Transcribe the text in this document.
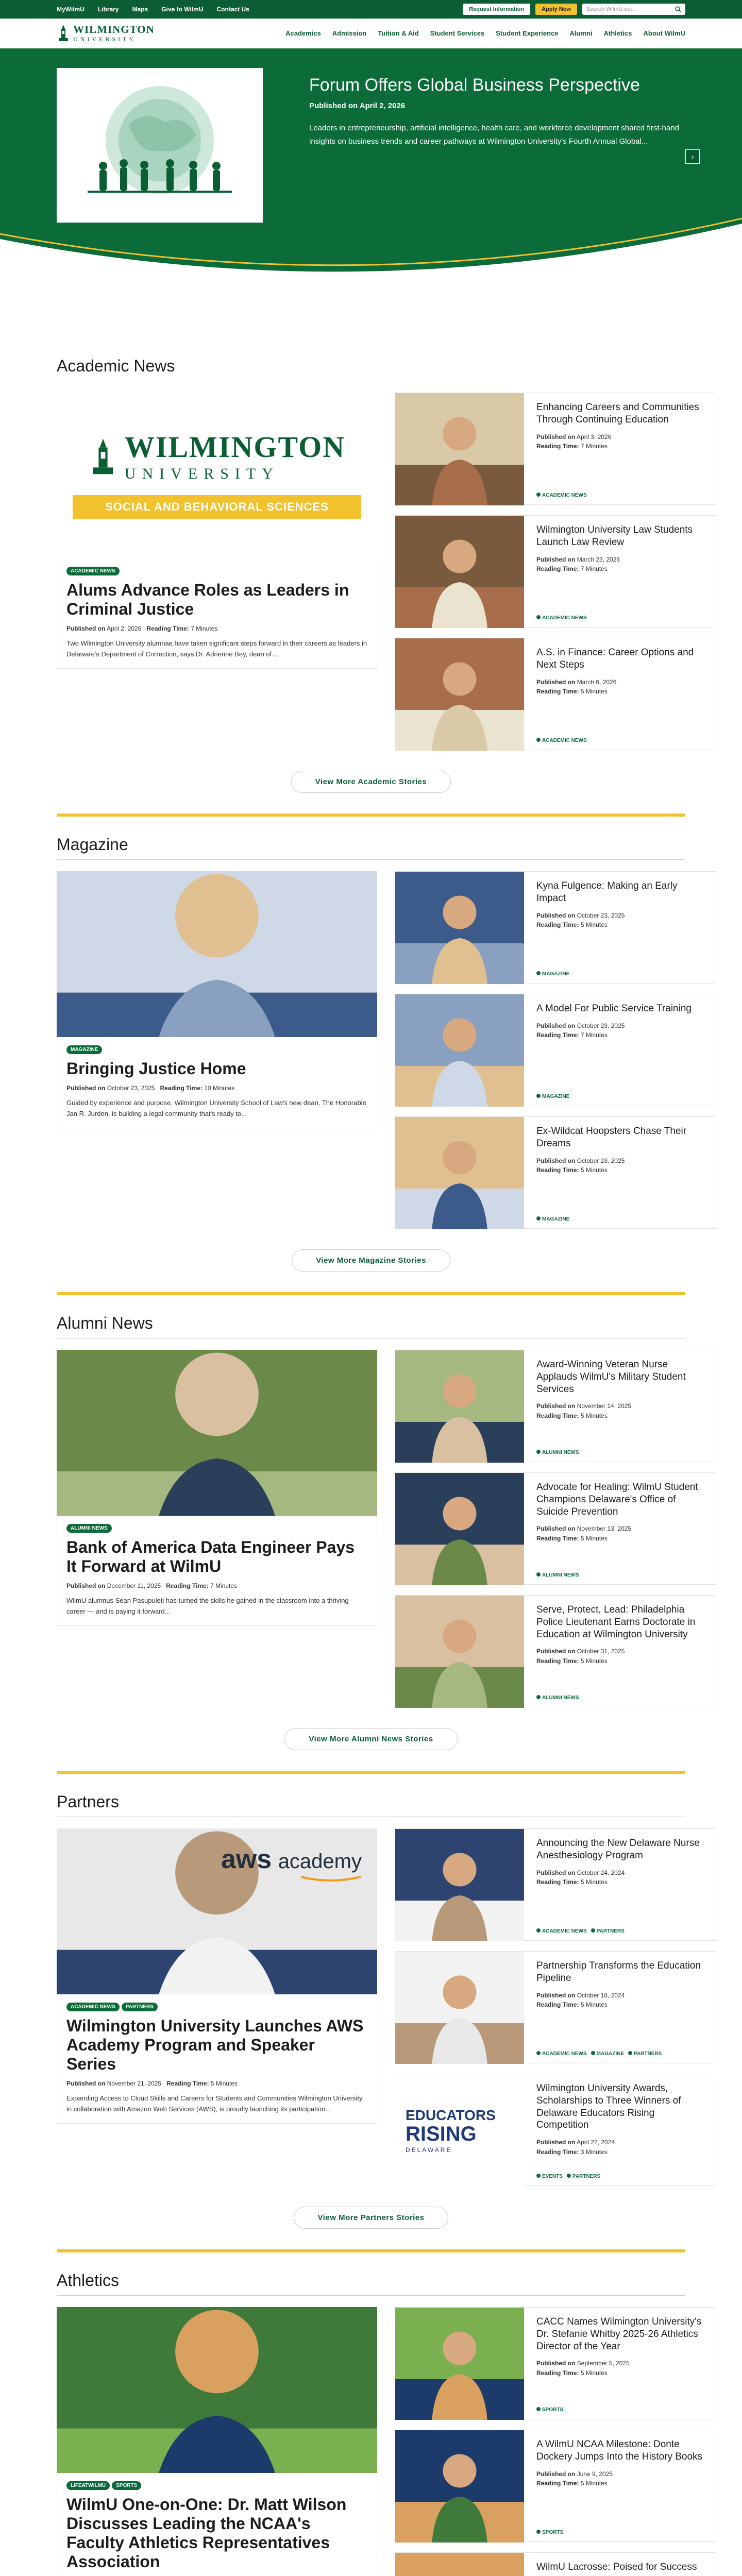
MyWilmU Library Maps Give to WilmU Contact Us	Request Information	Apply Now	Search WilmU.edu
WILMINGTON
UNIVERSITY
Academics Admission Tuition & Aid Student Services Student Experience Alumni Athletics About WilmU
Forum Offers Global Business Perspective
Published on April 2, 2026
Leaders in entrepreneurship, artificial intelligence, health care, and workforce development shared first-hand insights on business trends and career pathways at Wilmington University's Fourth Annual Global...
›
Academic News
WILMINGTON
UNIVERSITY
SOCIAL AND BEHAVIORAL SCIENCES
ACADEMIC NEWS
Alums Advance Roles as Leaders in Criminal Justice
Published on April 2, 2026 Reading Time: 7 Minutes
Two Wilmington University alumnae have taken significant steps forward in their careers as leaders in Delaware's Department of Correction, says Dr. Adrienne Bey, dean of...
Enhancing Careers and Communities Through Continuing Education
Published on April 3, 2026
Reading Time: 7 Minutes
ACADEMIC NEWS
Wilmington University Law Students Launch Law Review
Published on March 23, 2026
Reading Time: 7 Minutes
ACADEMIC NEWS
A.S. in Finance: Career Options and Next Steps
Published on March 6, 2026
Reading Time: 5 Minutes
ACADEMIC NEWS
View More Academic Stories
Magazine
MAGAZINE
Bringing Justice Home
Published on October 23, 2025 Reading Time: 10 Minutes
Guided by experience and purpose, Wilmington University School of Law's new dean, The Honorable Jan R. Jurden, is building a legal community that's ready to...
Kyna Fulgence: Making an Early Impact
Published on October 23, 2025
Reading Time: 5 Minutes
MAGAZINE
A Model For Public Service Training
Published on October 23, 2025
Reading Time: 7 Minutes
MAGAZINE
Ex-Wildcat Hoopsters Chase Their Dreams
Published on October 23, 2025
Reading Time: 5 Minutes
MAGAZINE
View More Magazine Stories
Alumni News
ALUMNI NEWS
Bank of America Data Engineer Pays It Forward at WilmU
Published on December 11, 2025 Reading Time: 7 Minutes
WilmU alumnus Sean Pasupuleti has turned the skills he gained in the classroom into a thriving career — and is paying it forward...
Award-Winning Veteran Nurse Applauds WilmU's Military Student Services
Published on November 14, 2025
Reading Time: 5 Minutes
ALUMNI NEWS
Advocate for Healing: WilmU Student Champions Delaware's Office of Suicide Prevention
Published on November 13, 2025
Reading Time: 5 Minutes
ALUMNI NEWS
Serve, Protect, Lead: Philadelphia Police Lieutenant Earns Doctorate in Education at Wilmington University
Published on October 31, 2025
Reading Time: 5 Minutes
ALUMNI NEWS
View More Alumni News Stories
Partners
aws academy
ACADEMIC NEWS PARTNERS
Wilmington University Launches AWS Academy Program and Speaker Series
Published on November 21, 2025 Reading Time: 5 Minutes
Expanding Access to Cloud Skills and Careers for Students and Communities Wilmington University, in collaboration with Amazon Web Services (AWS), is proudly launching its participation...
Announcing the New Delaware Nurse Anesthesiology Program
Published on October 24, 2024
Reading Time: 5 Minutes
ACADEMIC NEWS	PARTNERS
Partnership Transforms the Education Pipeline
Published on October 18, 2024
Reading Time: 5 Minutes
ACADEMIC NEWS	MAGAZINE	PARTNERS
EDUCATORS
RISING
DELAWARE
Wilmington University Awards, Scholarships to Three Winners of Delaware Educators Rising Competition
Published on April 22, 2024
Reading Time: 3 Minutes
EVENTS	PARTNERS
View More Partners Stories
Athletics
LIFEATWILMU SPORTS
WilmU One-on-One: Dr. Matt Wilson Discusses Leading the NCAA's Faculty Athletics Representatives Association

CACC Names Wilmington University's Dr. Stefanie Whitby 2025-26 Athletics Director of the Year
Published on September 5, 2025
Reading Time: 5 Minutes
SPORTS
A WilmU NCAA Milestone: Donte Dockery Jumps Into the History Books
Published on June 9, 2025
Reading Time: 5 Minutes
SPORTS
WilmU Lacrosse: Poised for Success
